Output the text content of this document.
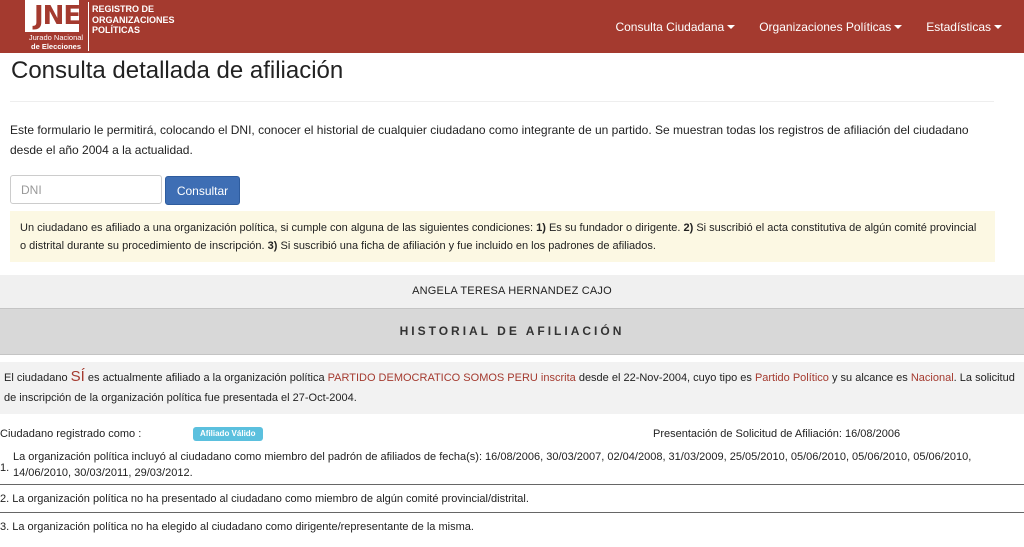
JNE
Jurado Nacional
de Elecciones
REGISTRO DE
ORGANIZACIONES
POLÍTICAS	Consulta Ciudadana	Organizaciones Políticas	Estadísticas
Consulta detallada de afiliación

Este formulario le permitirá, colocando el DNI, conocer el historial de cualquier ciudadano como integrante de un partido. Se muestran todas los registros de afiliación del ciudadano desde el año 2004 a la actualidad.

DNI
Consultar
Un ciudadano es afiliado a una organización política, si cumple con alguna de las siguientes condiciones: 1) Es su fundador o dirigente. 2) Si suscribió el acta constitutiva de algún comité provincial o distrital durante su procedimiento de inscripción. 3) Si suscribió una ficha de afiliación y fue incluido en los padrones de afiliados.
ANGELA TERESA HERNANDEZ CAJO
HISTORIAL DE AFILIACIÓN
El ciudadano SÍ es actualmente afiliado a la organización política PARTIDO DEMOCRATICO SOMOS PERU inscrita desde el 22-Nov-2004, cuyo tipo es Partido Político y su alcance es Nacional. La solicitud de inscripción de la organización política fue presentada el 27-Oct-2004.
Ciudadano registrado como :	Afiliado Válido	Presentación de Solicitud de Afiliación: 16/08/2006
1.
La organización política incluyó al ciudadano como miembro del padrón de afiliados de fecha(s): 16/08/2006, 30/03/2007, 02/04/2008, 31/03/2009, 25/05/2010, 05/06/2010, 05/06/2010, 05/06/2010, 14/06/2010, 30/03/2011, 29/03/2012.
2. La organización política no ha presentado al ciudadano como miembro de algún comité provincial/distrital.
3. La organización política no ha elegido al ciudadano como dirigente/representante de la misma.
